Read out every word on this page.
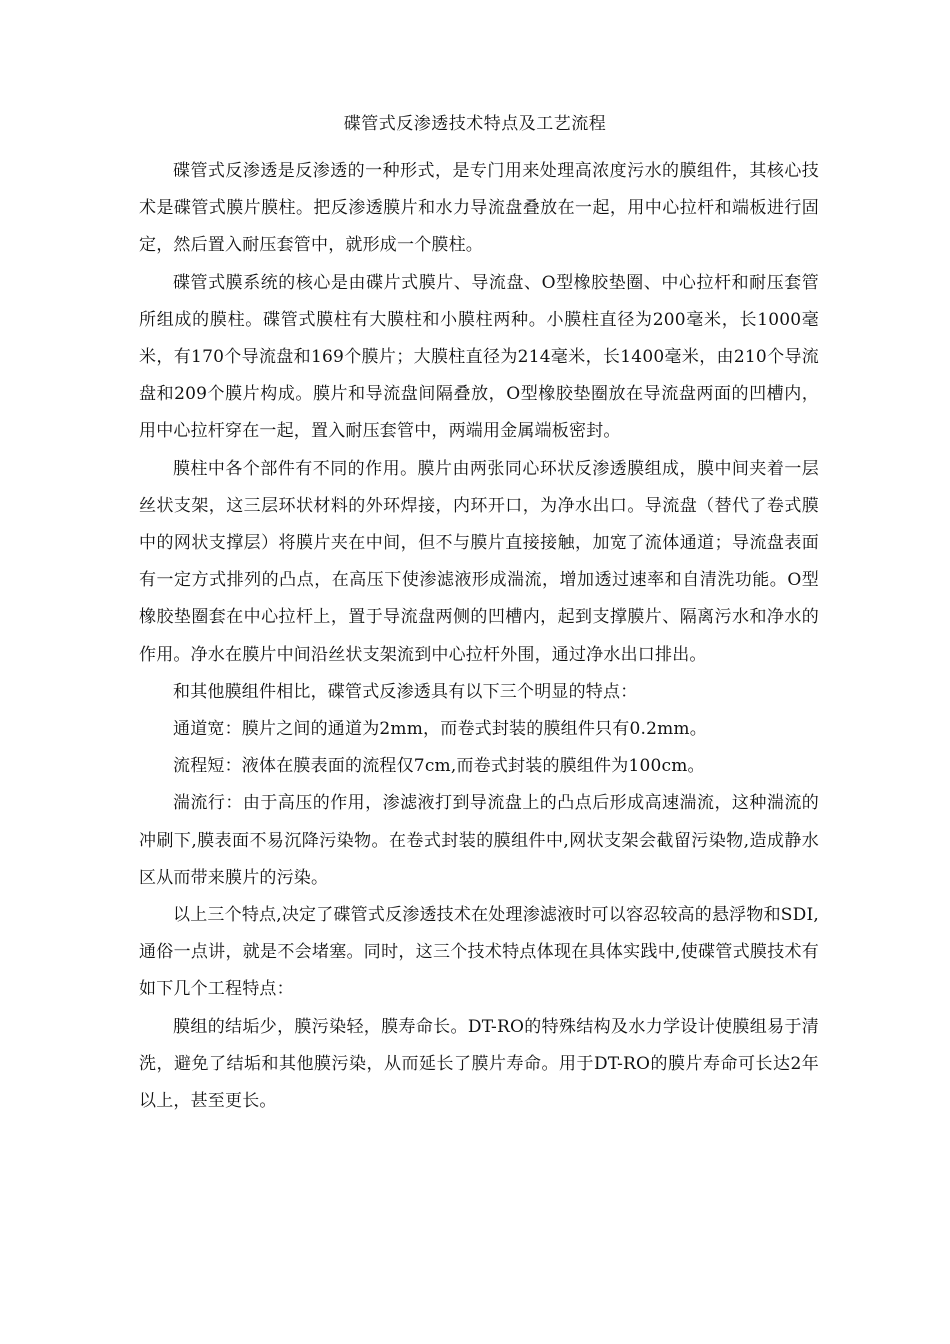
碟管式反渗透技术特点及工艺流程

碟管式反渗透是反渗透的一种形式，是专门用来处理高浓度污水的膜组件，其核心技术是碟管式膜片膜柱。把反渗透膜片和水力导流盘叠放在一起，用中心拉杆和端板进行固定，然后置入耐压套管中，就形成一个膜柱。

碟管式膜系统的核心是由碟片式膜片、导流盘、O型橡胶垫圈、中心拉杆和耐压套管所组成的膜柱。碟管式膜柱有大膜柱和小膜柱两种。小膜柱直径为200毫米，长1000毫米，有170个导流盘和169个膜片；大膜柱直径为214毫米，长1400毫米，由210个导流盘和209个膜片构成。膜片和导流盘间隔叠放，O型橡胶垫圈放在导流盘两面的凹槽内，用中心拉杆穿在一起，置入耐压套管中，两端用金属端板密封。

膜柱中各个部件有不同的作用。膜片由两张同心环状反渗透膜组成，膜中间夹着一层丝状支架，这三层环状材料的外环焊接，内环开口，为净水出口。导流盘（替代了卷式膜中的网状支撑层）将膜片夹在中间，但不与膜片直接接触，加宽了流体通道；导流盘表面有一定方式排列的凸点，在高压下使渗滤液形成湍流，增加透过速率和自清洗功能。O型橡胶垫圈套在中心拉杆上，置于导流盘两侧的凹槽内，起到支撑膜片、隔离污水和净水的作用。净水在膜片中间沿丝状支架流到中心拉杆外围，通过净水出口排出。

和其他膜组件相比，碟管式反渗透具有以下三个明显的特点：

通道宽：膜片之间的通道为2mm，而卷式封装的膜组件只有0.2mm。

流程短：液体在膜表面的流程仅7cm,而卷式封装的膜组件为100cm。

湍流行：由于高压的作用，渗滤液打到导流盘上的凸点后形成高速湍流，这种湍流的冲刷下,膜表面不易沉降污染物。在卷式封装的膜组件中,网状支架会截留污染物,造成静水区从而带来膜片的污染。

以上三个特点,决定了碟管式反渗透技术在处理渗滤液时可以容忍较高的悬浮物和SDI,通俗一点讲，就是不会堵塞。同时，这三个技术特点体现在具体实践中,使碟管式膜技术有如下几个工程特点：

膜组的结垢少，膜污染轻，膜寿命长。DT-RO的特殊结构及水力学设计使膜组易于清洗，避免了结垢和其他膜污染，从而延长了膜片寿命。用于DT-RO的膜片寿命可长达2年以上，甚至更长。
